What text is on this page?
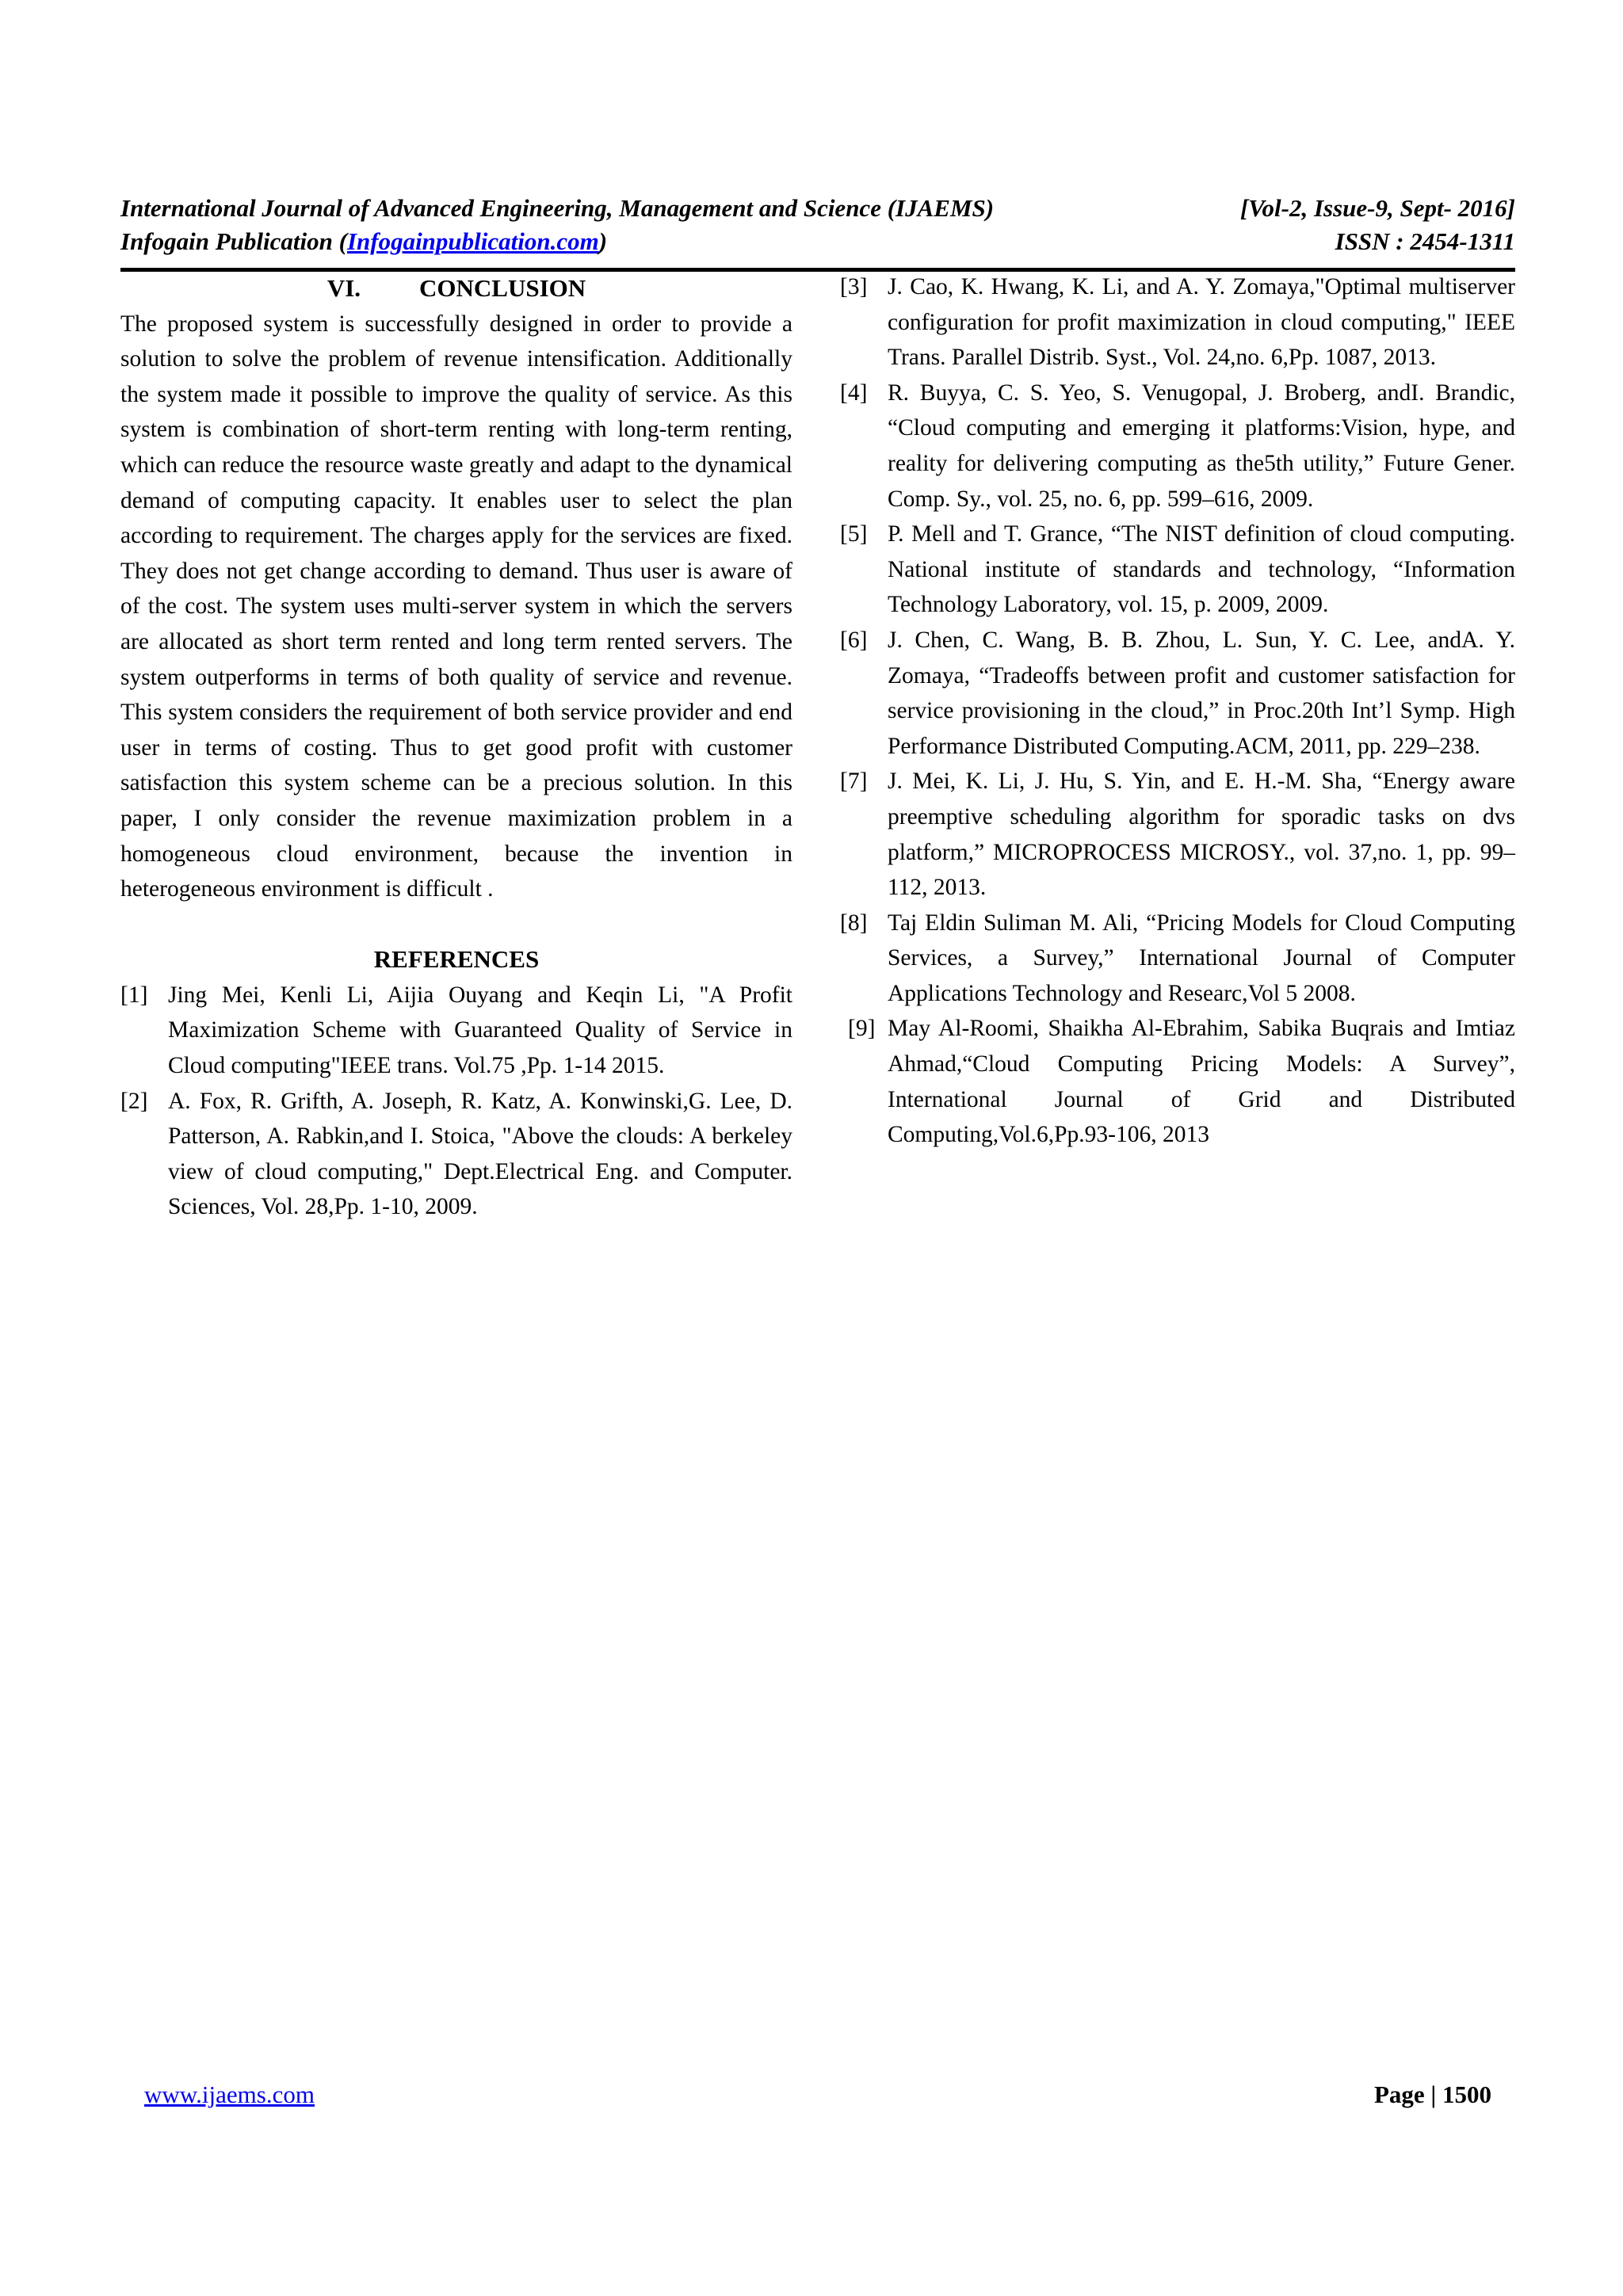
International Journal of Advanced Engineering, Management and Science (IJAEMS)	[Vol-2, Issue-9, Sept- 2016]
Infogain Publication (Infogainpublication.com)	ISSN : 2454-1311
VI. CONCLUSION

The proposed system is successfully designed in order to provide a solution to solve the problem of revenue intensification. Additionally the system made it possible to improve the quality of service. As this system is combination of short-term renting with long-term renting, which can reduce the resource waste greatly and adapt to the dynamical demand of computing capacity. It enables user to select the plan according to requirement. The charges apply for the services are fixed. They does not get change according to demand. Thus user is aware of of the cost. The system uses multi-server system in which the servers are allocated as short term rented and long term rented servers. The system outperforms in terms of both quality of service and revenue. This system considers the requirement of both service provider and end user in terms of costing. Thus to get good profit with customer satisfaction this system scheme can be a precious solution. In this paper, I only consider the revenue maximization problem in a homogeneous cloud environment, because the invention in heterogeneous environment is difficult .

REFERENCES
[1] Jing Mei, Kenli Li, Aijia Ouyang and Keqin Li, "A Profit Maximization Scheme with Guaranteed Quality of Service in Cloud computing"IEEE trans. Vol.75 ,Pp. 1-14 2015.
[2] A. Fox, R. Grifth, A. Joseph, R. Katz, A. Konwinski,G. Lee, D. Patterson, A. Rabkin,and I. Stoica, "Above the clouds: A berkeley view of cloud computing," Dept.Electrical Eng. and Computer. Sciences, Vol. 28,Pp. 1-10, 2009.
[3] J. Cao, K. Hwang, K. Li, and A. Y. Zomaya,"Optimal multiserver configuration for profit maximization in cloud computing," IEEE Trans. Parallel Distrib. Syst., Vol. 24,no. 6,Pp. 1087, 2013.
[4] R. Buyya, C. S. Yeo, S. Venugopal, J. Broberg, andI. Brandic, “Cloud computing and emerging it platforms:Vision, hype, and reality for delivering computing as the5th utility,” Future Gener. Comp. Sy., vol. 25, no. 6, pp. 599–616, 2009.
[5] P. Mell and T. Grance, “The NIST definition of cloud computing. National institute of standards and technology, “Information Technology Laboratory, vol. 15, p. 2009, 2009.
[6] J. Chen, C. Wang, B. B. Zhou, L. Sun, Y. C. Lee, andA. Y. Zomaya, “Tradeoffs between profit and customer satisfaction for service provisioning in the cloud,” in Proc.20th Int’l Symp. High Performance Distributed Computing.ACM, 2011, pp. 229–238.
[7] J. Mei, K. Li, J. Hu, S. Yin, and E. H.-M. Sha, “Energy aware preemptive scheduling algorithm for sporadic tasks on dvs platform,” MICROPROCESS MICROSY., vol. 37,no. 1, pp. 99–112, 2013.
[8] Taj Eldin Suliman M. Ali, “Pricing Models for Cloud Computing Services, a Survey,” International Journal of Computer Applications Technology and Researc,Vol 5 2008.
[9] May Al-Roomi, Shaikha Al-Ebrahim, Sabika Buqrais and Imtiaz Ahmad,“Cloud Computing Pricing Models: A Survey”, International Journal of Grid and Distributed Computing,Vol.6,Pp.93-106, 2013
www.ijaems.com	Page | 1500
